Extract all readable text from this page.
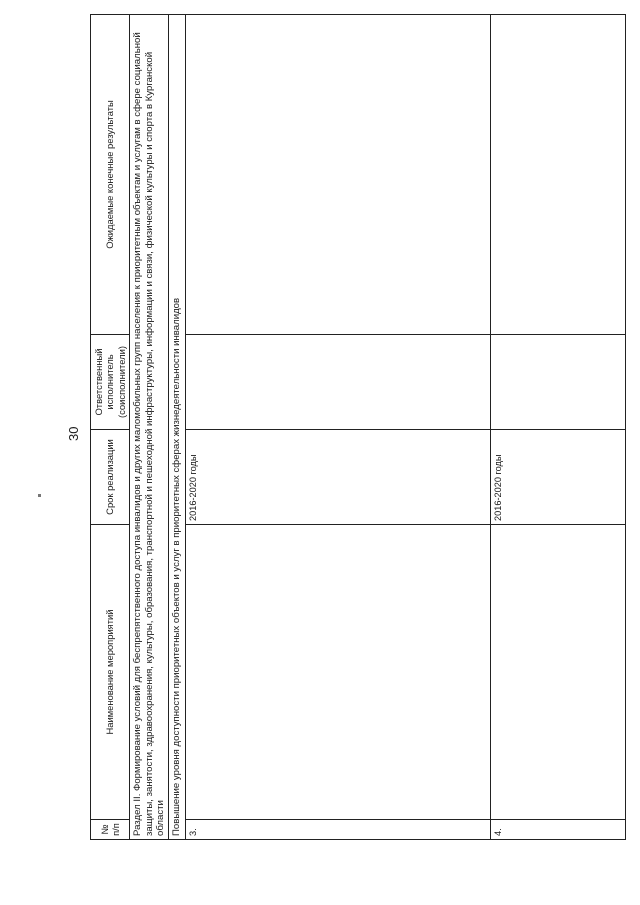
30
№ п/п	Наименование мероприятий	Срок реализации	Ответственный исполнитель (соисполнители)	Ожидаемые конечные результаты
Раздел II. Формирование условий для беспрепятственного доступа инвалидов и других маломобильных групп населения к приоритетным объектам и услугам в сфере социальной защиты, занятости, здравоохранения, культуры, образования, транспортной и пешеходной инфраструктуры, информации и связи, физической культуры и спорта в Курганской области				
Повышение уровня доступности приоритетных объектов и услуг в приоритетных сферах жизнедеятельности инвалидов				
3.		2016-2020 годы		
4.		2016-2020 годы		
